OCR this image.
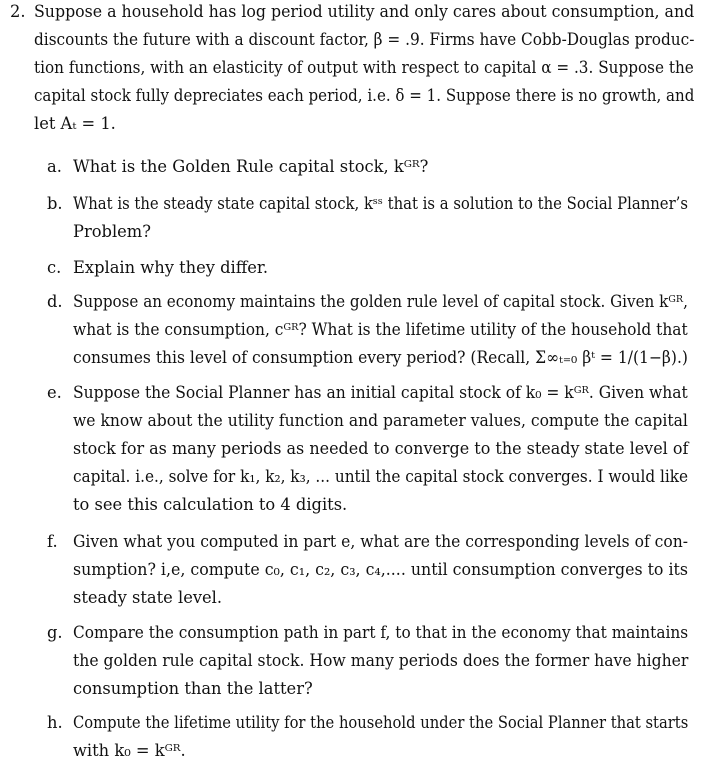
2. Suppose a household has log period utility and only cares about consumption, and
discounts the future with a discount factor, β = .9. Firms have Cobb-Douglas produc-
tion functions, with an elasticity of output with respect to capital α = .3. Suppose the
capital stock fully depreciates each period, i.e. δ = 1. Suppose there is no growth, and
let Aₜ = 1.
a. What is the Golden Rule capital stock, kᴳᴿ?
b. What is the steady state capital stock, kˢˢ that is a solution to the Social Planner’s
Problem?
c. Explain why they differ.
d. Suppose an economy maintains the golden rule level of capital stock. Given kᴳᴿ,
what is the consumption, cᴳᴿ? What is the lifetime utility of the household that
consumes this level of consumption every period? (Recall, Σ∞ₜ₌₀ βᵗ = 1/(1−β).)
e. Suppose the Social Planner has an initial capital stock of k₀ = kᴳᴿ. Given what
we know about the utility function and parameter values, compute the capital
stock for as many periods as needed to converge to the steady state level of
capital. i.e., solve for k₁, k₂, k₃, ... until the capital stock converges. I would like
to see this calculation to 4 digits.
f. Given what you computed in part e, what are the corresponding levels of con-
sumption? i,e, compute c₀, c₁, c₂, c₃, c₄,.... until consumption converges to its
steady state level.
g. Compare the consumption path in part f, to that in the economy that maintains
the golden rule capital stock. How many periods does the former have higher
consumption than the latter?
h. Compute the lifetime utility for the household under the Social Planner that starts
with k₀ = kᴳᴿ.
